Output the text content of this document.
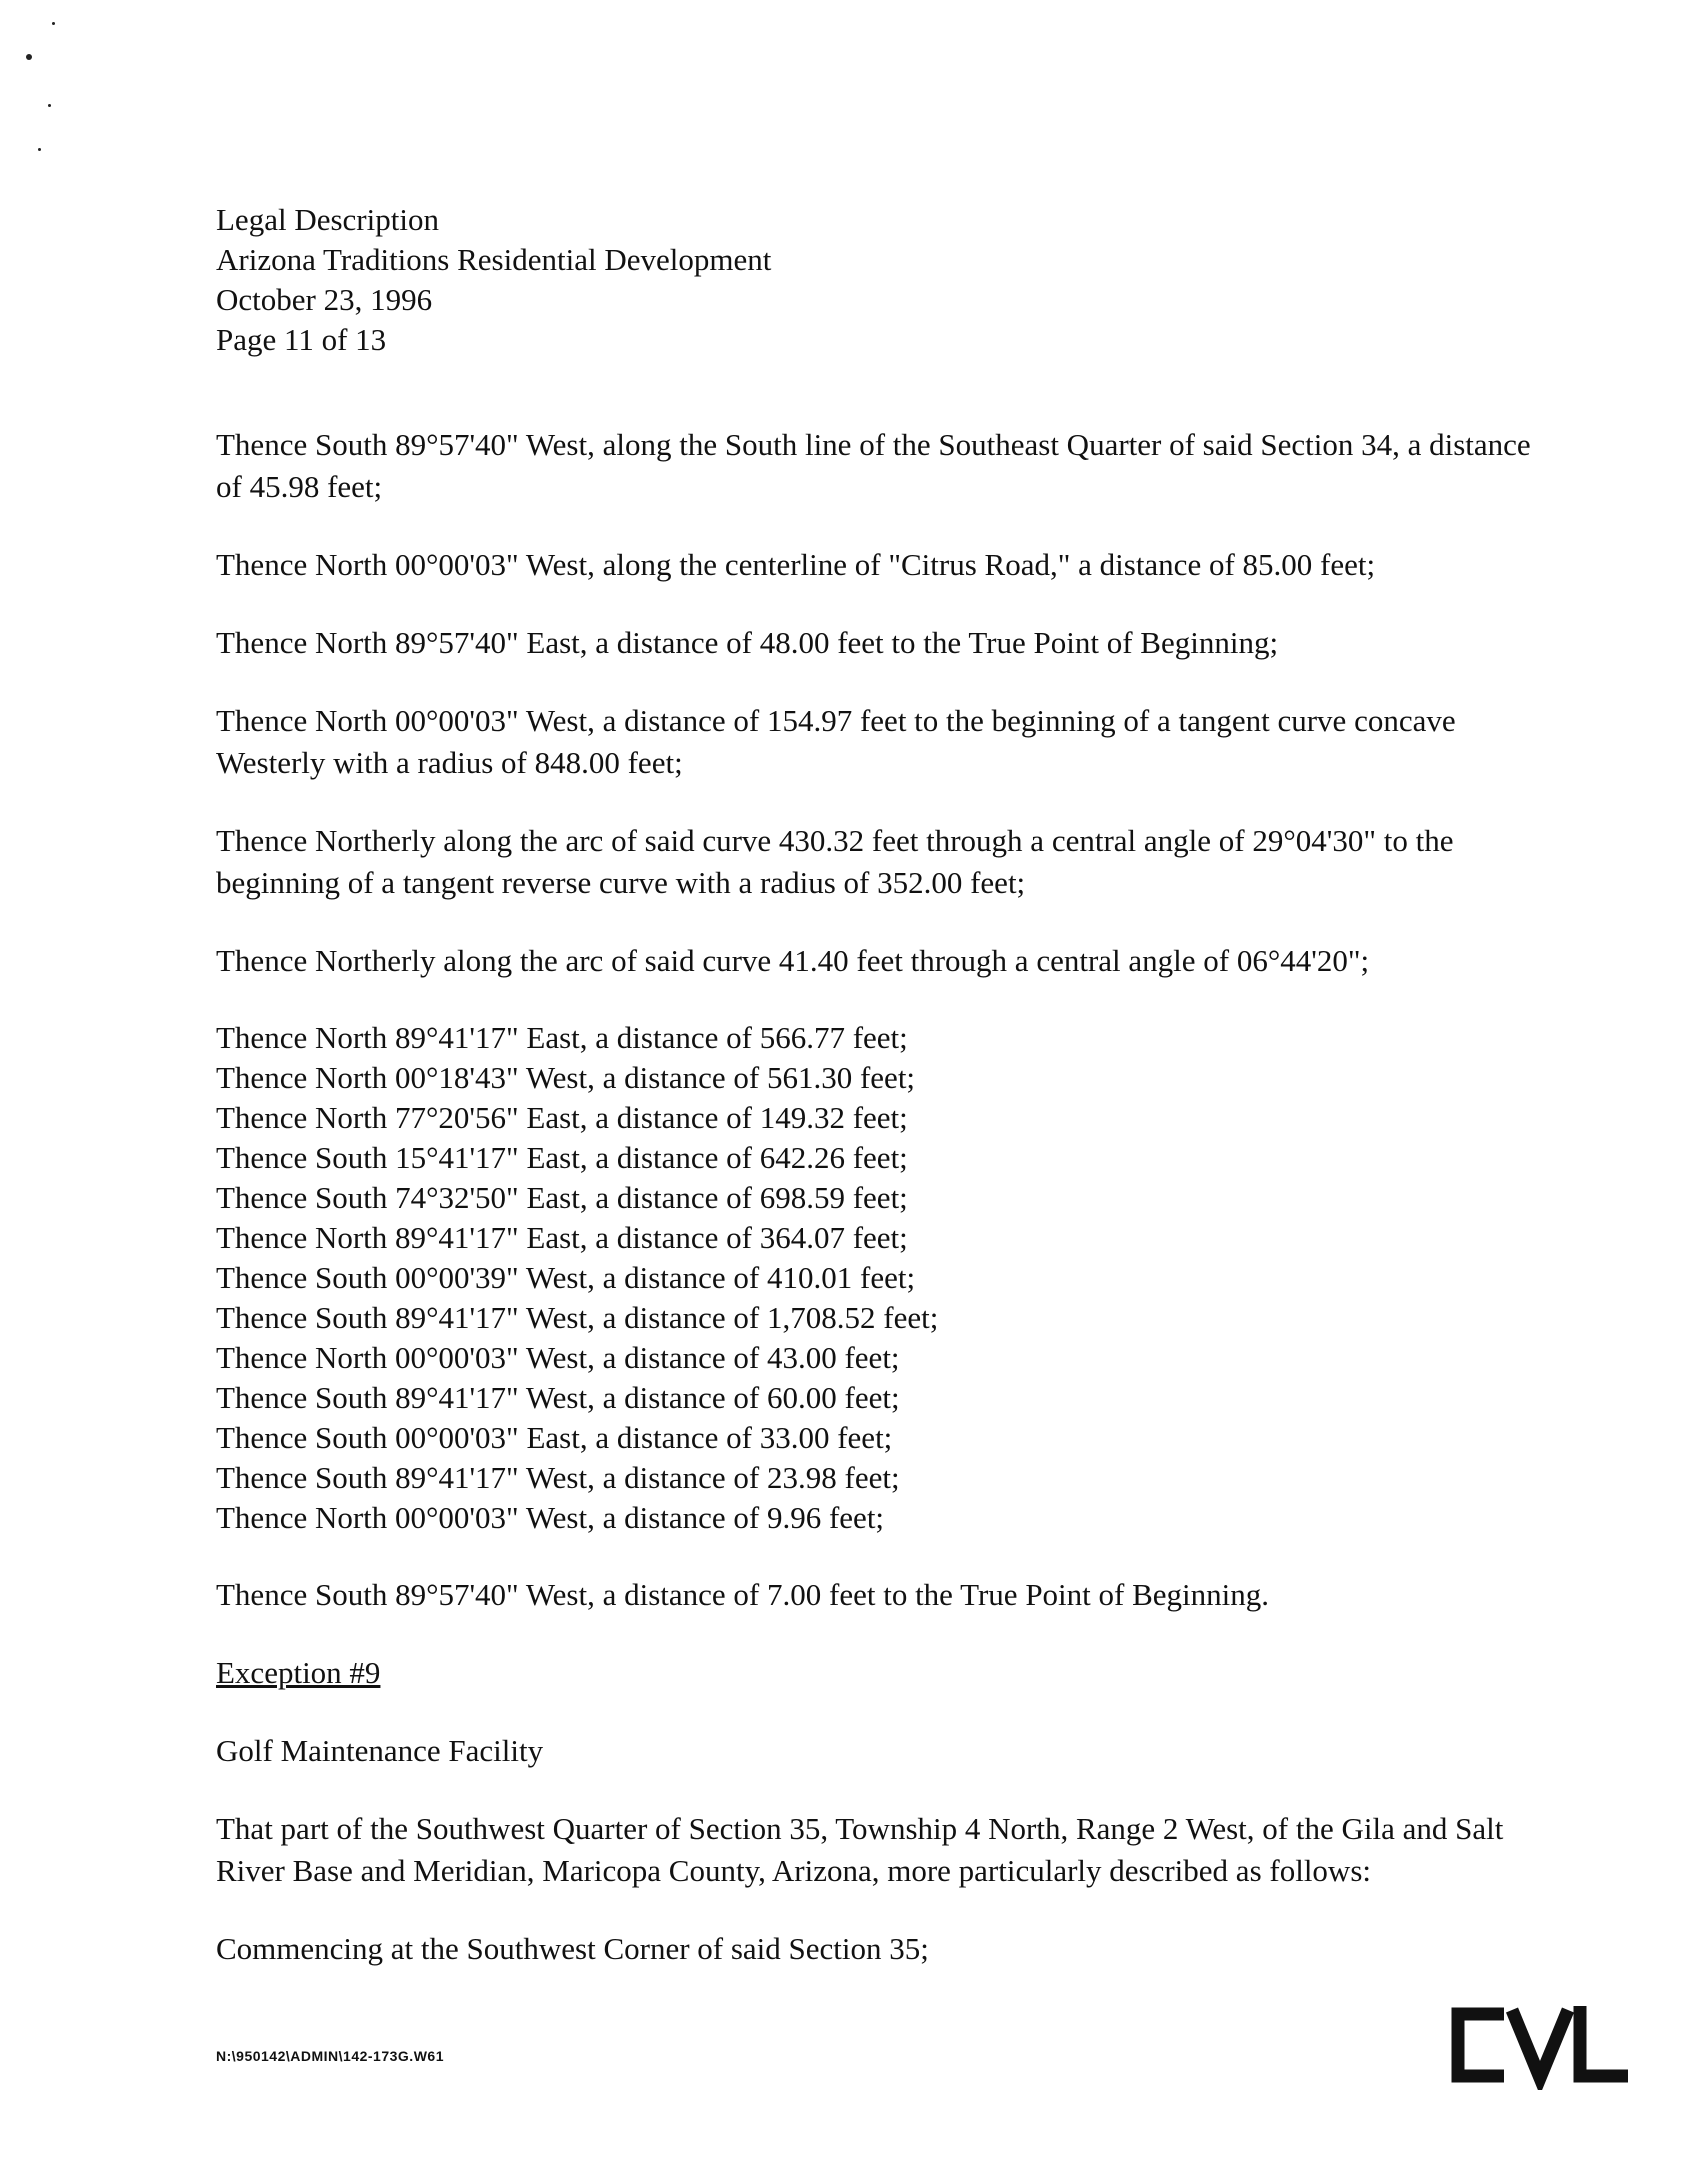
Legal Description
Arizona Traditions Residential Development
October 23, 1996
Page 11 of 13

Thence South 89°57'40" West, along the South line of the Southeast Quarter of said Section 34, a distance of 45.98 feet;

Thence North 00°00'03" West, along the centerline of "Citrus Road," a distance of 85.00 feet;

Thence North 89°57'40" East, a distance of 48.00 feet to the True Point of Beginning;

Thence North 00°00'03" West, a distance of 154.97 feet to the beginning of a tangent curve concave Westerly with a radius of 848.00 feet;

Thence Northerly along the arc of said curve 430.32 feet through a central angle of 29°04'30" to the beginning of a tangent reverse curve with a radius of 352.00 feet;

Thence Northerly along the arc of said curve 41.40 feet through a central angle of 06°44'20";

Thence North 89°41'17" East, a distance of 566.77 feet;
Thence North 00°18'43" West, a distance of 561.30 feet;
Thence North 77°20'56" East, a distance of 149.32 feet;
Thence South 15°41'17" East, a distance of 642.26 feet;
Thence South 74°32'50" East, a distance of 698.59 feet;
Thence North 89°41'17" East, a distance of 364.07 feet;
Thence South 00°00'39" West, a distance of 410.01 feet;
Thence South 89°41'17" West, a distance of 1,708.52 feet;
Thence North 00°00'03" West, a distance of 43.00 feet;
Thence South 89°41'17" West, a distance of 60.00 feet;
Thence South 00°00'03" East, a distance of 33.00 feet;
Thence South 89°41'17" West, a distance of 23.98 feet;
Thence North 00°00'03" West, a distance of 9.96 feet;

Thence South 89°57'40" West, a distance of 7.00 feet to the True Point of Beginning.

Exception #9

Golf Maintenance Facility

That part of the Southwest Quarter of Section 35, Township 4 North, Range 2 West, of the Gila and Salt River Base and Meridian, Maricopa County, Arizona, more particularly described as follows:

Commencing at the Southwest Corner of said Section 35;

N:\950142\ADMIN\142-173G.W61
